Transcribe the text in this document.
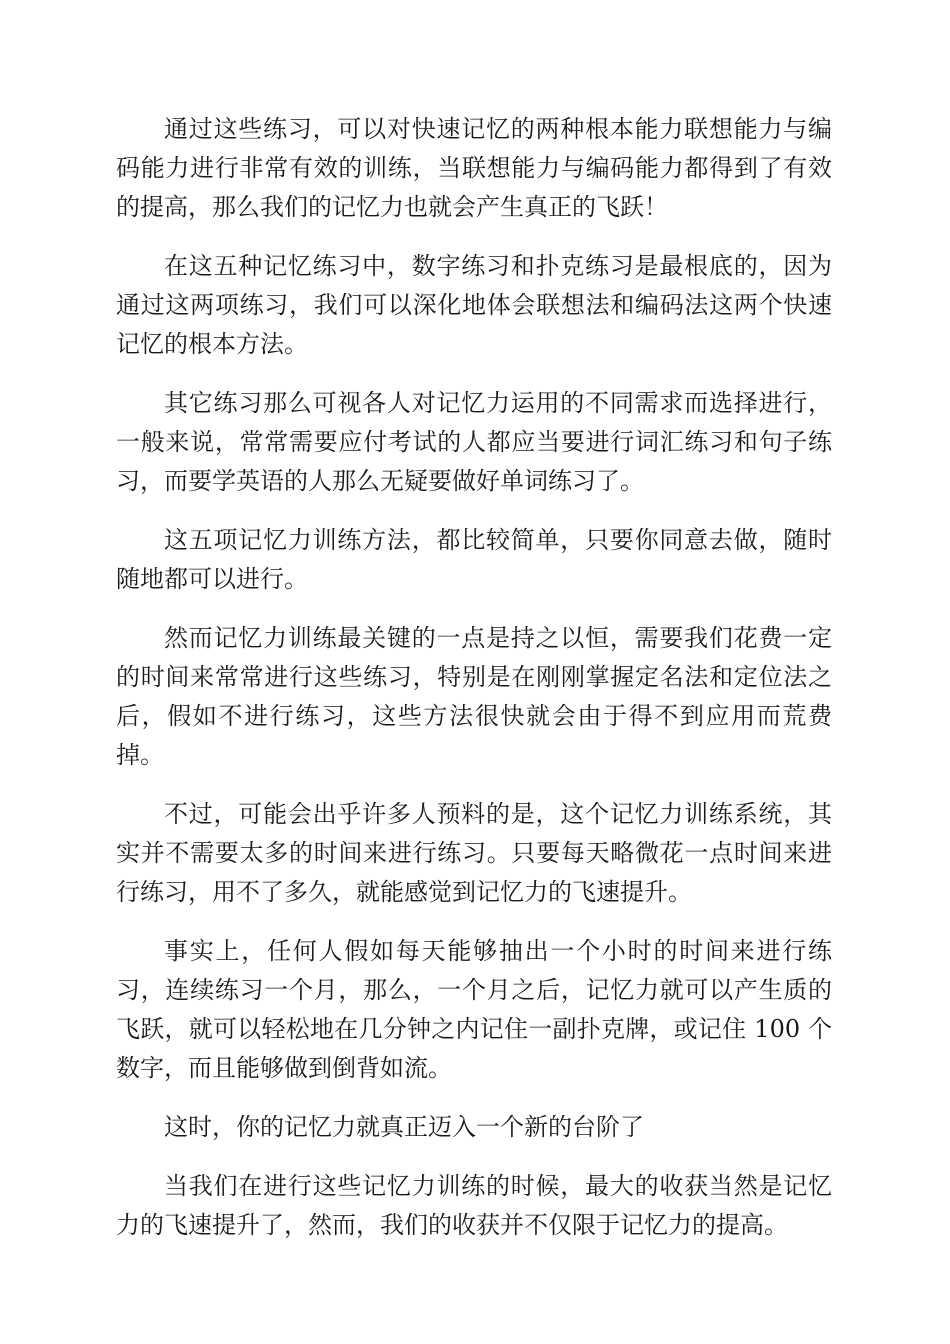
通过这些练习，可以对快速记忆的两种根本能力联想能力与编码能力进行非常有效的训练，当联想能力与编码能力都得到了有效的提高，那么我们的记忆力也就会产生真正的飞跃！

在这五种记忆练习中，数字练习和扑克练习是最根底的，因为通过这两项练习，我们可以深化地体会联想法和编码法这两个快速记忆的根本方法。

其它练习那么可视各人对记忆力运用的不同需求而选择进行，一般来说，常常需要应付考试的人都应当要进行词汇练习和句子练习，而要学英语的人那么无疑要做好单词练习了。

这五项记忆力训练方法，都比较简单，只要你同意去做，随时随地都可以进行。

然而记忆力训练最关键的一点是持之以恒，需要我们花费一定的时间来常常进行这些练习，特别是在刚刚掌握定名法和定位法之后，假如不进行练习，这些方法很快就会由于得不到应用而荒费掉。

不过，可能会出乎许多人预料的是，这个记忆力训练系统，其实并不需要太多的时间来进行练习。只要每天略微花一点时间来进行练习，用不了多久，就能感觉到记忆力的飞速提升。

事实上，任何人假如每天能够抽出一个小时的时间来进行练习，连续练习一个月，那么，一个月之后，记忆力就可以产生质的飞跃，就可以轻松地在几分钟之内记住一副扑克牌，或记住 100 个数字，而且能够做到倒背如流。

这时，你的记忆力就真正迈入一个新的台阶了

当我们在进行这些记忆力训练的时候，最大的收获当然是记忆力的飞速提升了，然而，我们的收获并不仅限于记忆力的提高。
